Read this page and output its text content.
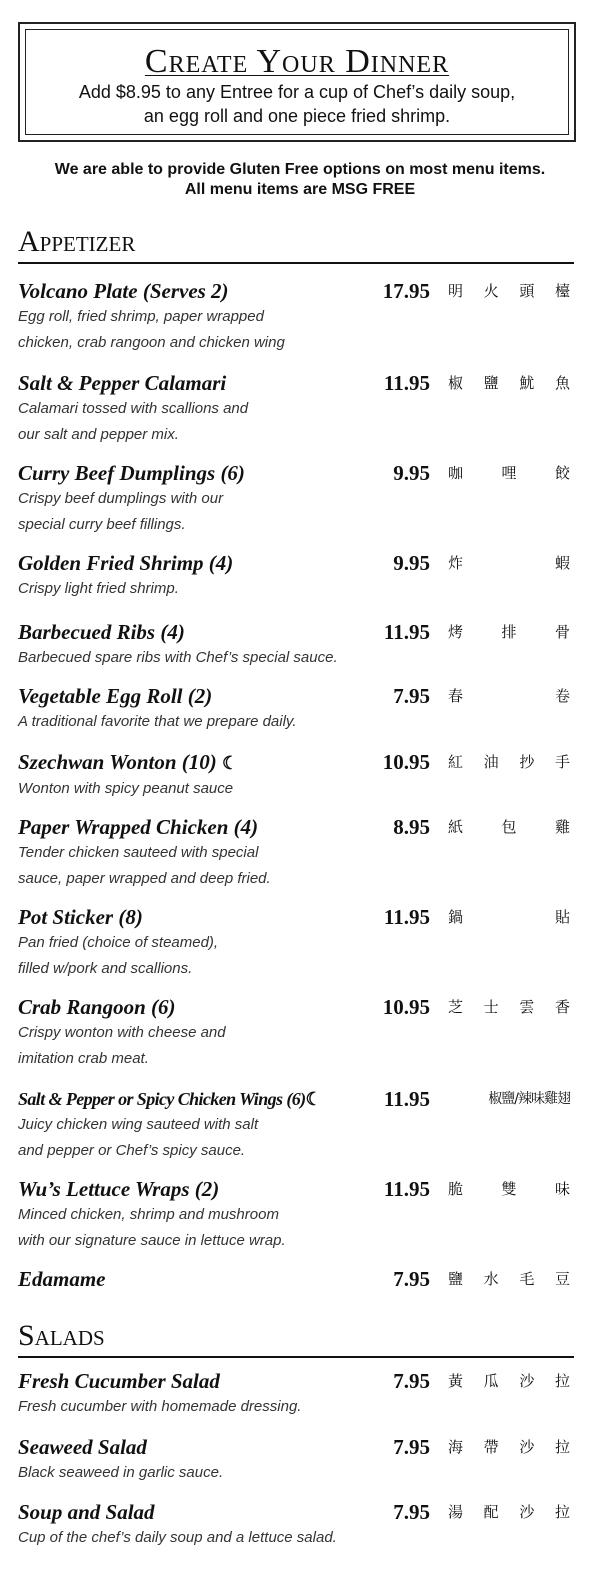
Create Your Dinner
Add $8.95 to any Entree for a cup of Chef’s daily soup,
an egg roll and one piece fried shrimp.
We are able to provide Gluten Free options on most menu items.
All menu items are MSG FREE
Appetizer
Volcano Plate (Serves 2)	17.95 明 火 頭 檯
Egg roll, fried shrimp, paper wrapped
chicken, crab rangoon and chicken wing
Salt & Pepper Calamari	11.95 椒 鹽 魷 魚
Calamari tossed with scallions and
our salt and pepper mix.
Curry Beef Dumplings (6)	9.95 咖	哩	餃
Crispy beef dumplings with our
special curry beef fillings.
Golden Fried Shrimp (4)	9.95 炸	蝦
Crispy light fried shrimp.
Barbecued Ribs (4)	11.95 烤	排	骨
Barbecued spare ribs with Chef’s special sauce.
Vegetable Egg Roll (2)	7.95 春	卷
A traditional favorite that we prepare daily.
Szechwan Wonton (10) ☾	10.95 紅 油 抄 手
Wonton with spicy peanut sauce
Paper Wrapped Chicken (4)	8.95 紙	包	雞
Tender chicken sauteed with special
sauce, paper wrapped and deep fried.
Pot Sticker (8)	11.95 鍋	貼
Pan fried (choice of steamed),
filled w/pork and scallions.
Crab Rangoon (6)	10.95 芝 士 雲 香
Crispy wonton with cheese and
imitation crab meat.
Salt & Pepper or Spicy Chicken Wings (6)☾	11.95	椒鹽/辣味雞翅
Juicy chicken wing sauteed with salt
and pepper or Chef’s spicy sauce.
Wu’s Lettuce Wraps (2)	11.95 脆	雙	味
Minced chicken, shrimp and mushroom
with our signature sauce in lettuce wrap.
Edamame	7.95 鹽 水 毛 豆
Salads
Fresh Cucumber Salad	7.95 黃 瓜 沙 拉
Fresh cucumber with homemade dressing.
Seaweed Salad	7.95 海 帶 沙 拉
Black seaweed in garlic sauce.
Soup and Salad	7.95 湯 配 沙 拉
Cup of the chef’s daily soup and a lettuce salad.
